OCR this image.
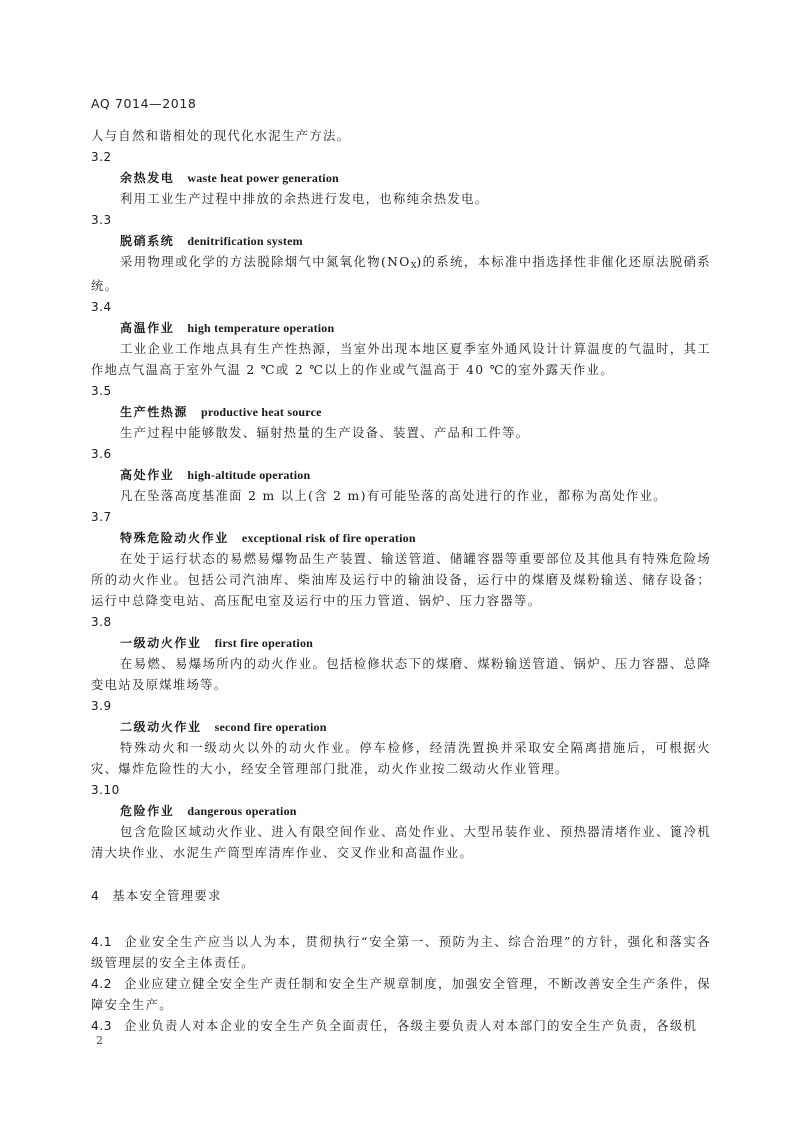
AQ 7014—2018

人与自然和谐相处的现代化水泥生产方法。

3.2

余热发电 waste heat power generation

利用工业生产过程中排放的余热进行发电，也称纯余热发电。

3.3

脱硝系统 denitrification system

采用物理或化学的方法脱除烟气中氮氧化物$(NO_X)$的系统，本标准中指选择性非催化还原法脱硝系统。

3.4

高温作业 high temperature operation

工业企业工作地点具有生产性热源，当室外出现本地区夏季室外通风设计计算温度的气温时，其工作地点气温高于室外气温 2 ℃或 2 ℃以上的作业或气温高于 40 ℃的室外露天作业。

3.5

生产性热源 productive heat source

生产过程中能够散发、辐射热量的生产设备、装置、产品和工件等。

3.6

高处作业 high-altitude operation

凡在坠落高度基准面 2 m 以上(含 2 m)有可能坠落的高处进行的作业，都称为高处作业。

3.7

特殊危险动火作业 exceptional risk of fire operation

在处于运行状态的易燃易爆物品生产装置、输送管道、储罐容器等重要部位及其他具有特殊危险场所的动火作业。包括公司汽油库、柴油库及运行中的输油设备，运行中的煤磨及煤粉输送、储存设备；运行中总降变电站、高压配电室及运行中的压力管道、锅炉、压力容器等。

3.8

一级动火作业 first fire operation

在易燃、易爆场所内的动火作业。包括检修状态下的煤磨、煤粉输送管道、锅炉、压力容器、总降变电站及原煤堆场等。

3.9

二级动火作业 second fire operation

特殊动火和一级动火以外的动火作业。停车检修，经清洗置换并采取安全隔离措施后，可根据火灾、爆炸危险性的大小，经安全管理部门批准，动火作业按二级动火作业管理。

3.10

危险作业 dangerous operation

包含危险区域动火作业、进入有限空间作业、高处作业、大型吊装作业、预热器清堵作业、篦冷机清大块作业、水泥生产筒型库清库作业、交叉作业和高温作业。

4 基本安全管理要求

4.1 企业安全生产应当以人为本，贯彻执行“安全第一、预防为主、综合治理”的方针，强化和落实各级管理层的安全主体责任。

4.2 企业应建立健全安全生产责任制和安全生产规章制度，加强安全管理，不断改善安全生产条件，保障安全生产。

4.3 企业负责人对本企业的安全生产负全面责任，各级主要负责人对本部门的安全生产负责，各级机

2
